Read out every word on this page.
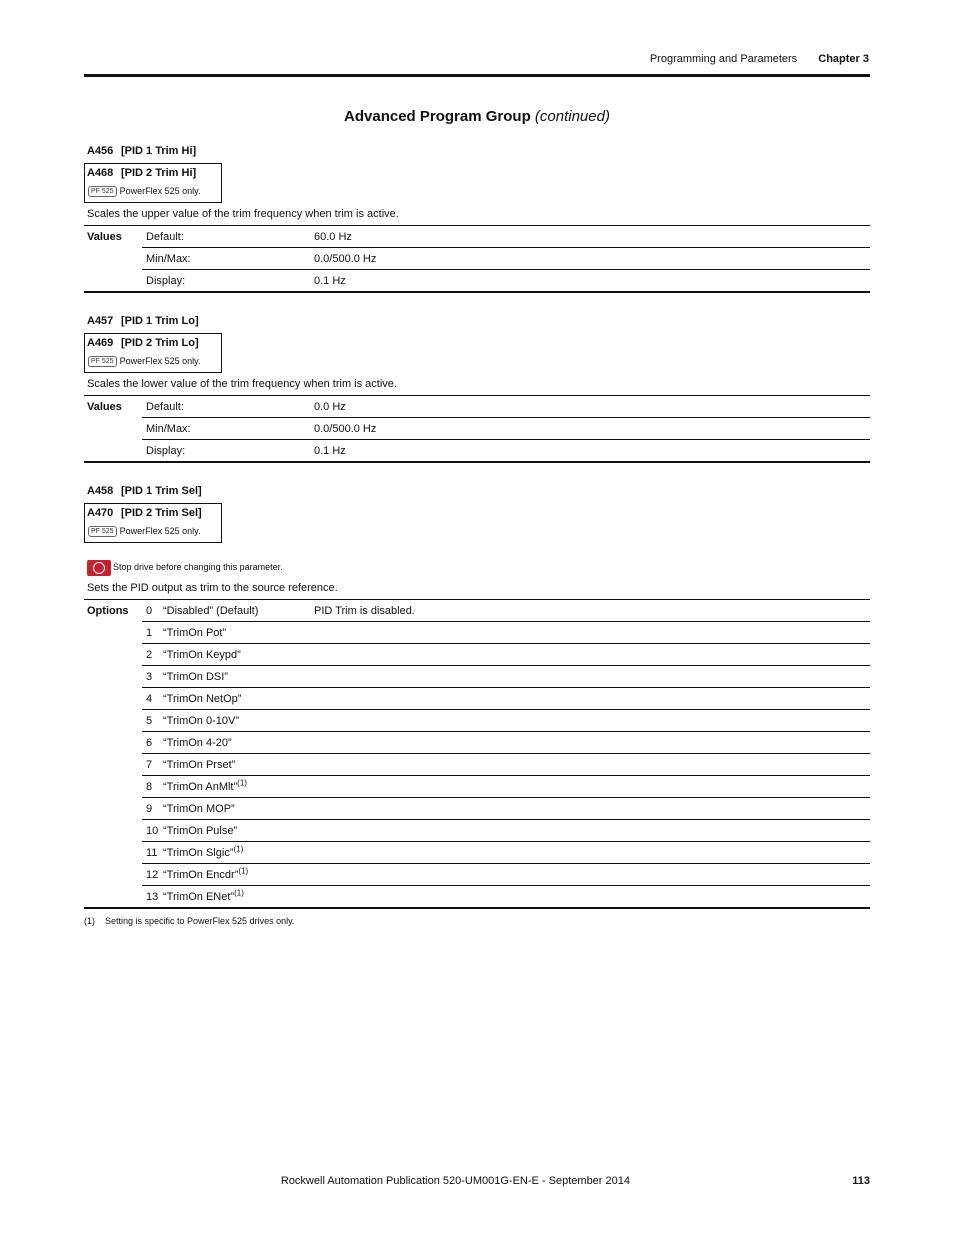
Programming and Parameters Chapter 3
Advanced Program Group (continued)
A456 [PID 1 Trim Hi]
A468 [PID 2 Trim Hi]
PF 525 PowerFlex 525 only.
Scales the upper value of the trim frequency when trim is active.
Values	Default:	60.0 Hz
	Min/Max:	0.0/500.0 Hz
	Display:	0.1 Hz
A457 [PID 1 Trim Lo]
A469 [PID 2 Trim Lo]
PF 525 PowerFlex 525 only.
Scales the lower value of the trim frequency when trim is active.
Values	Default:	0.0 Hz
	Min/Max:	0.0/500.0 Hz
	Display:	0.1 Hz
A458 [PID 1 Trim Sel]
A470 [PID 2 Trim Sel]
PF 525 PowerFlex 525 only.
Stop drive before changing this parameter.
Sets the PID output as trim to the source reference.
Options	0	“Disabled” (Default)	PID Trim is disabled.
	1	“TrimOn Pot”	
	2	“TrimOn Keypd”	
	3	“TrimOn DSI”	
	4	“TrimOn NetOp”	
	5	“TrimOn 0-10V”	
	6	“TrimOn 4-20”	
	7	“TrimOn Prset”	
	8	“TrimOn AnMlt”$^{(1)}$	
	9	“TrimOn MOP”	
	10	“TrimOn Pulse”	
	11	“TrimOn Slgic”$^{(1)}$	
	12	“TrimOn Encdr”$^{(1)}$	
	13	“TrimOn ENet”$^{(1)}$	
(1) Setting is specific to PowerFlex 525 drives only.
Rockwell Automation Publication 520-UM001G-EN-E - September 2014	113
